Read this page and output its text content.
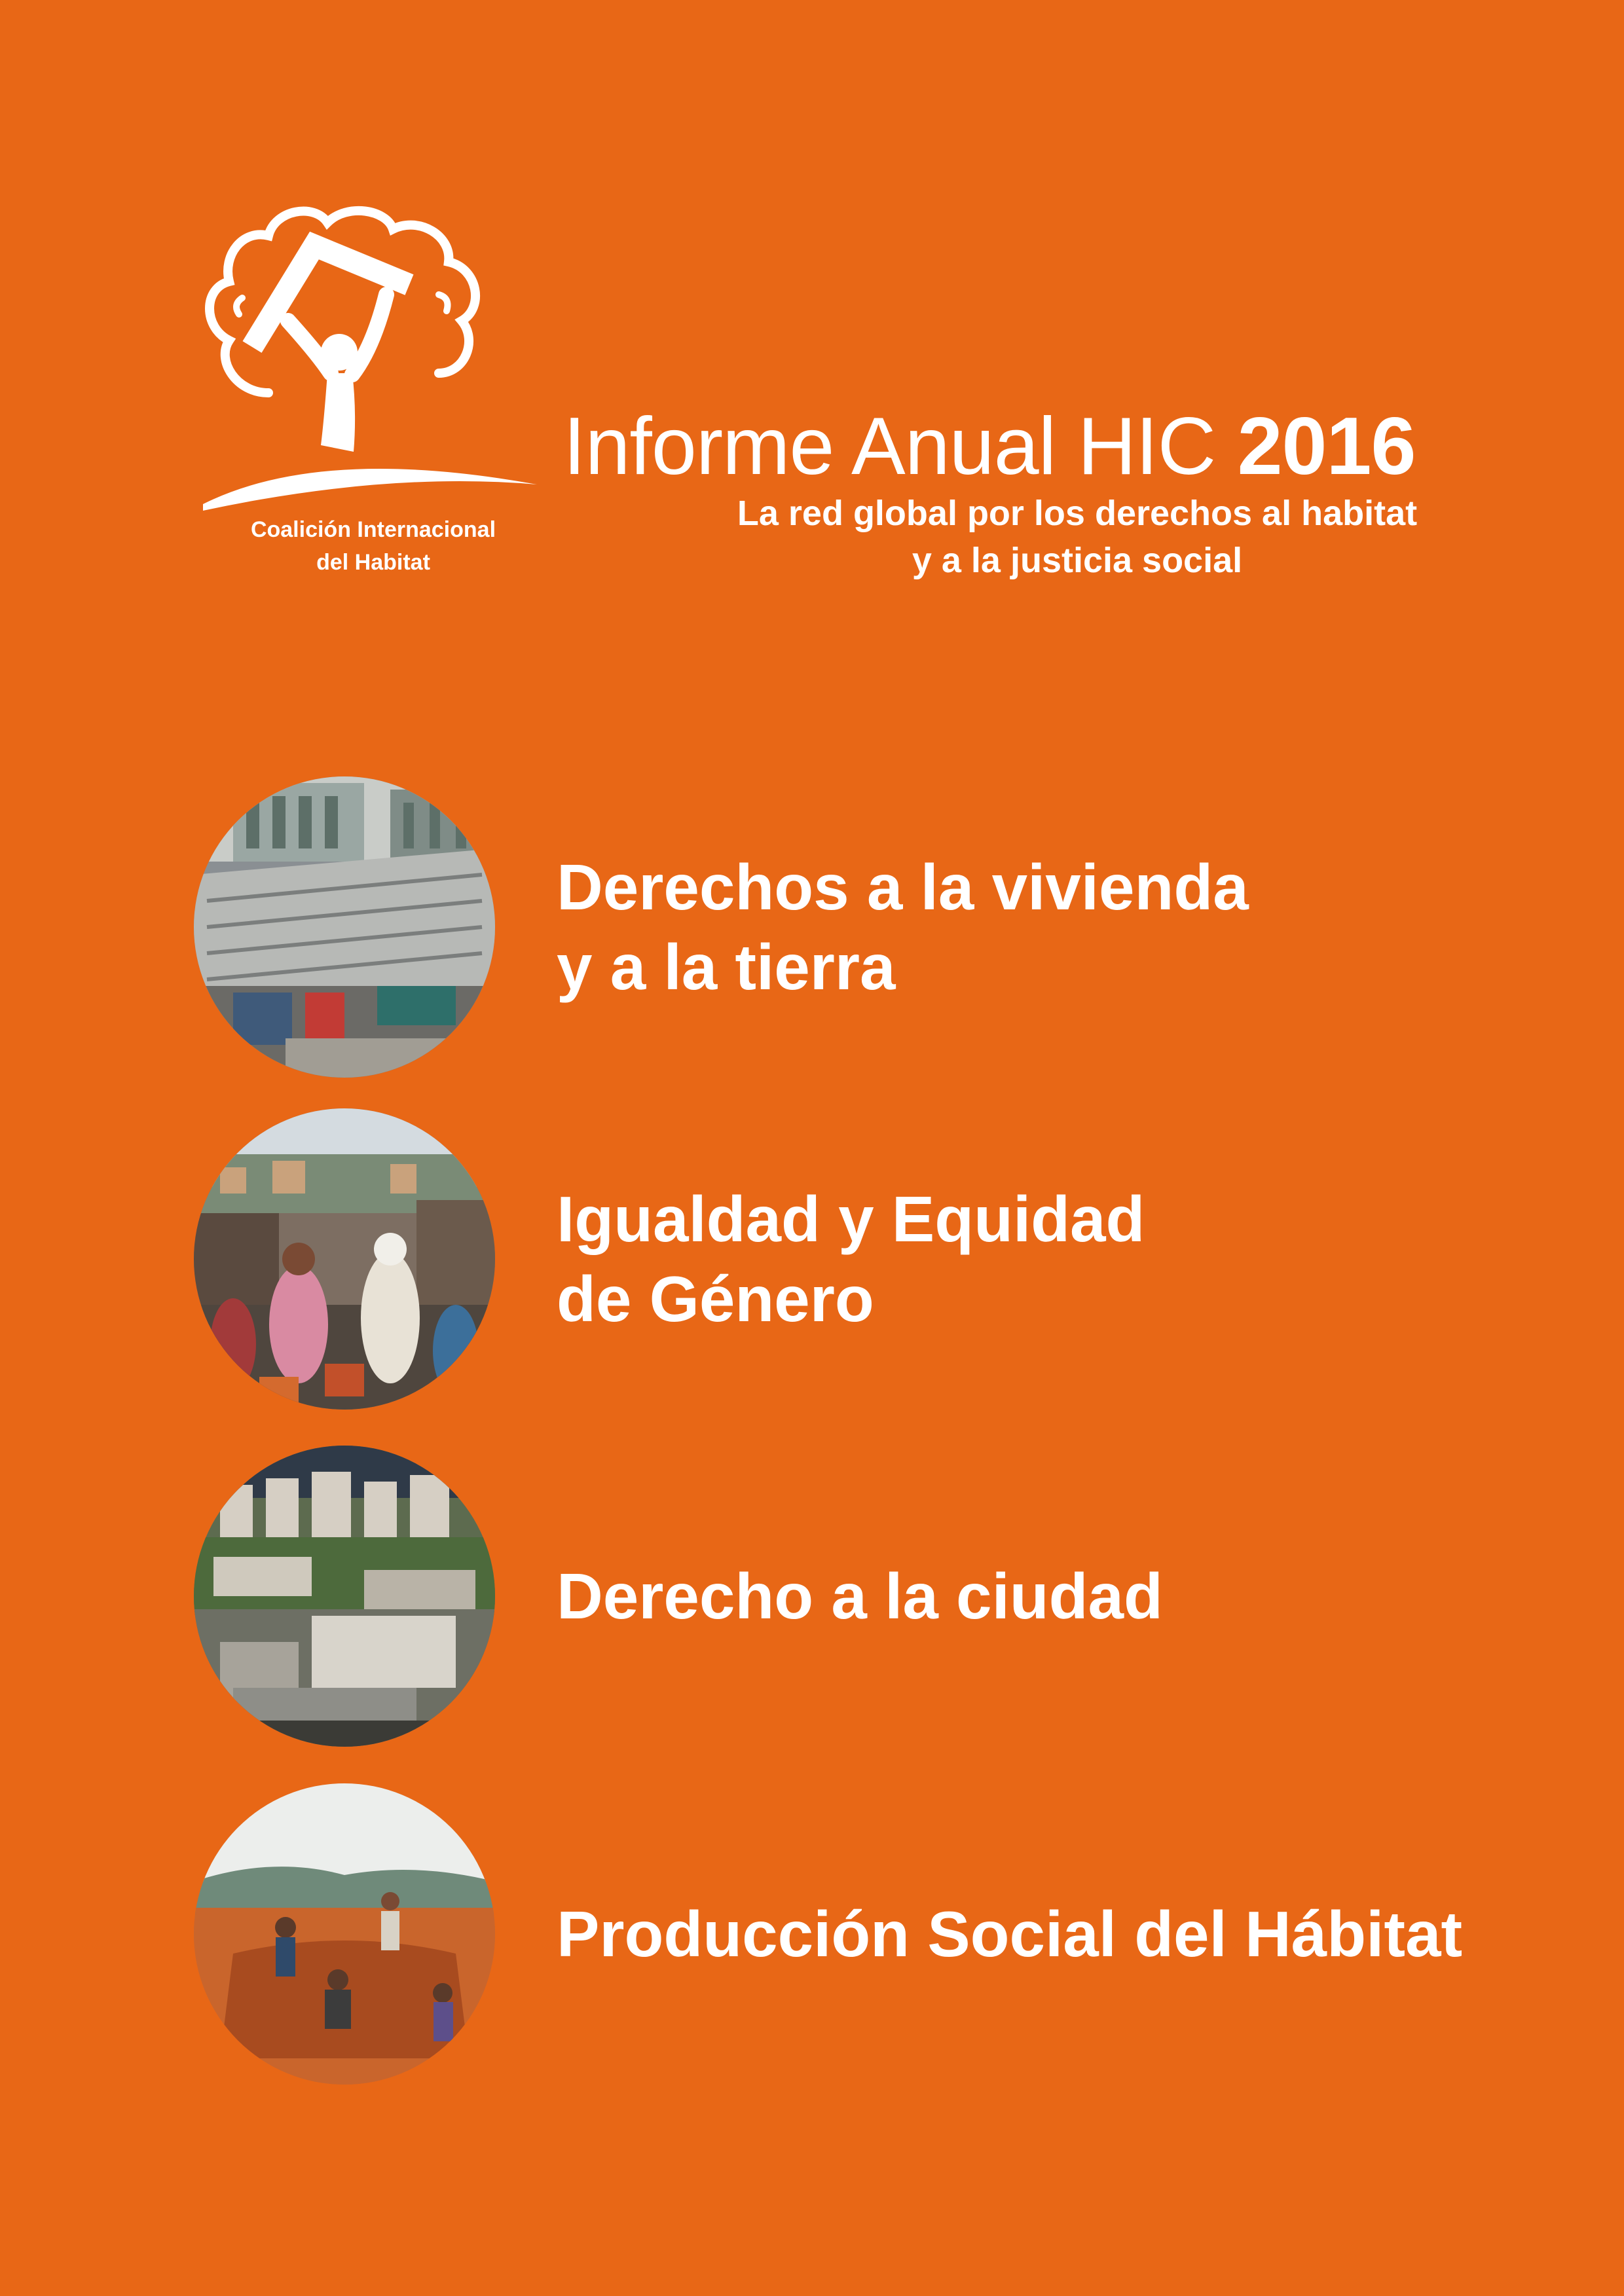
Coalición Internacional
del Habitat
Informe Anual HIC 2016
La red global por los derechos al habitat
y a la justicia social
Derechos a la vivienda
y a la tierra
Igualdad y Equidad
de Género
Derecho a la ciudad
Producción Social del Hábitat
